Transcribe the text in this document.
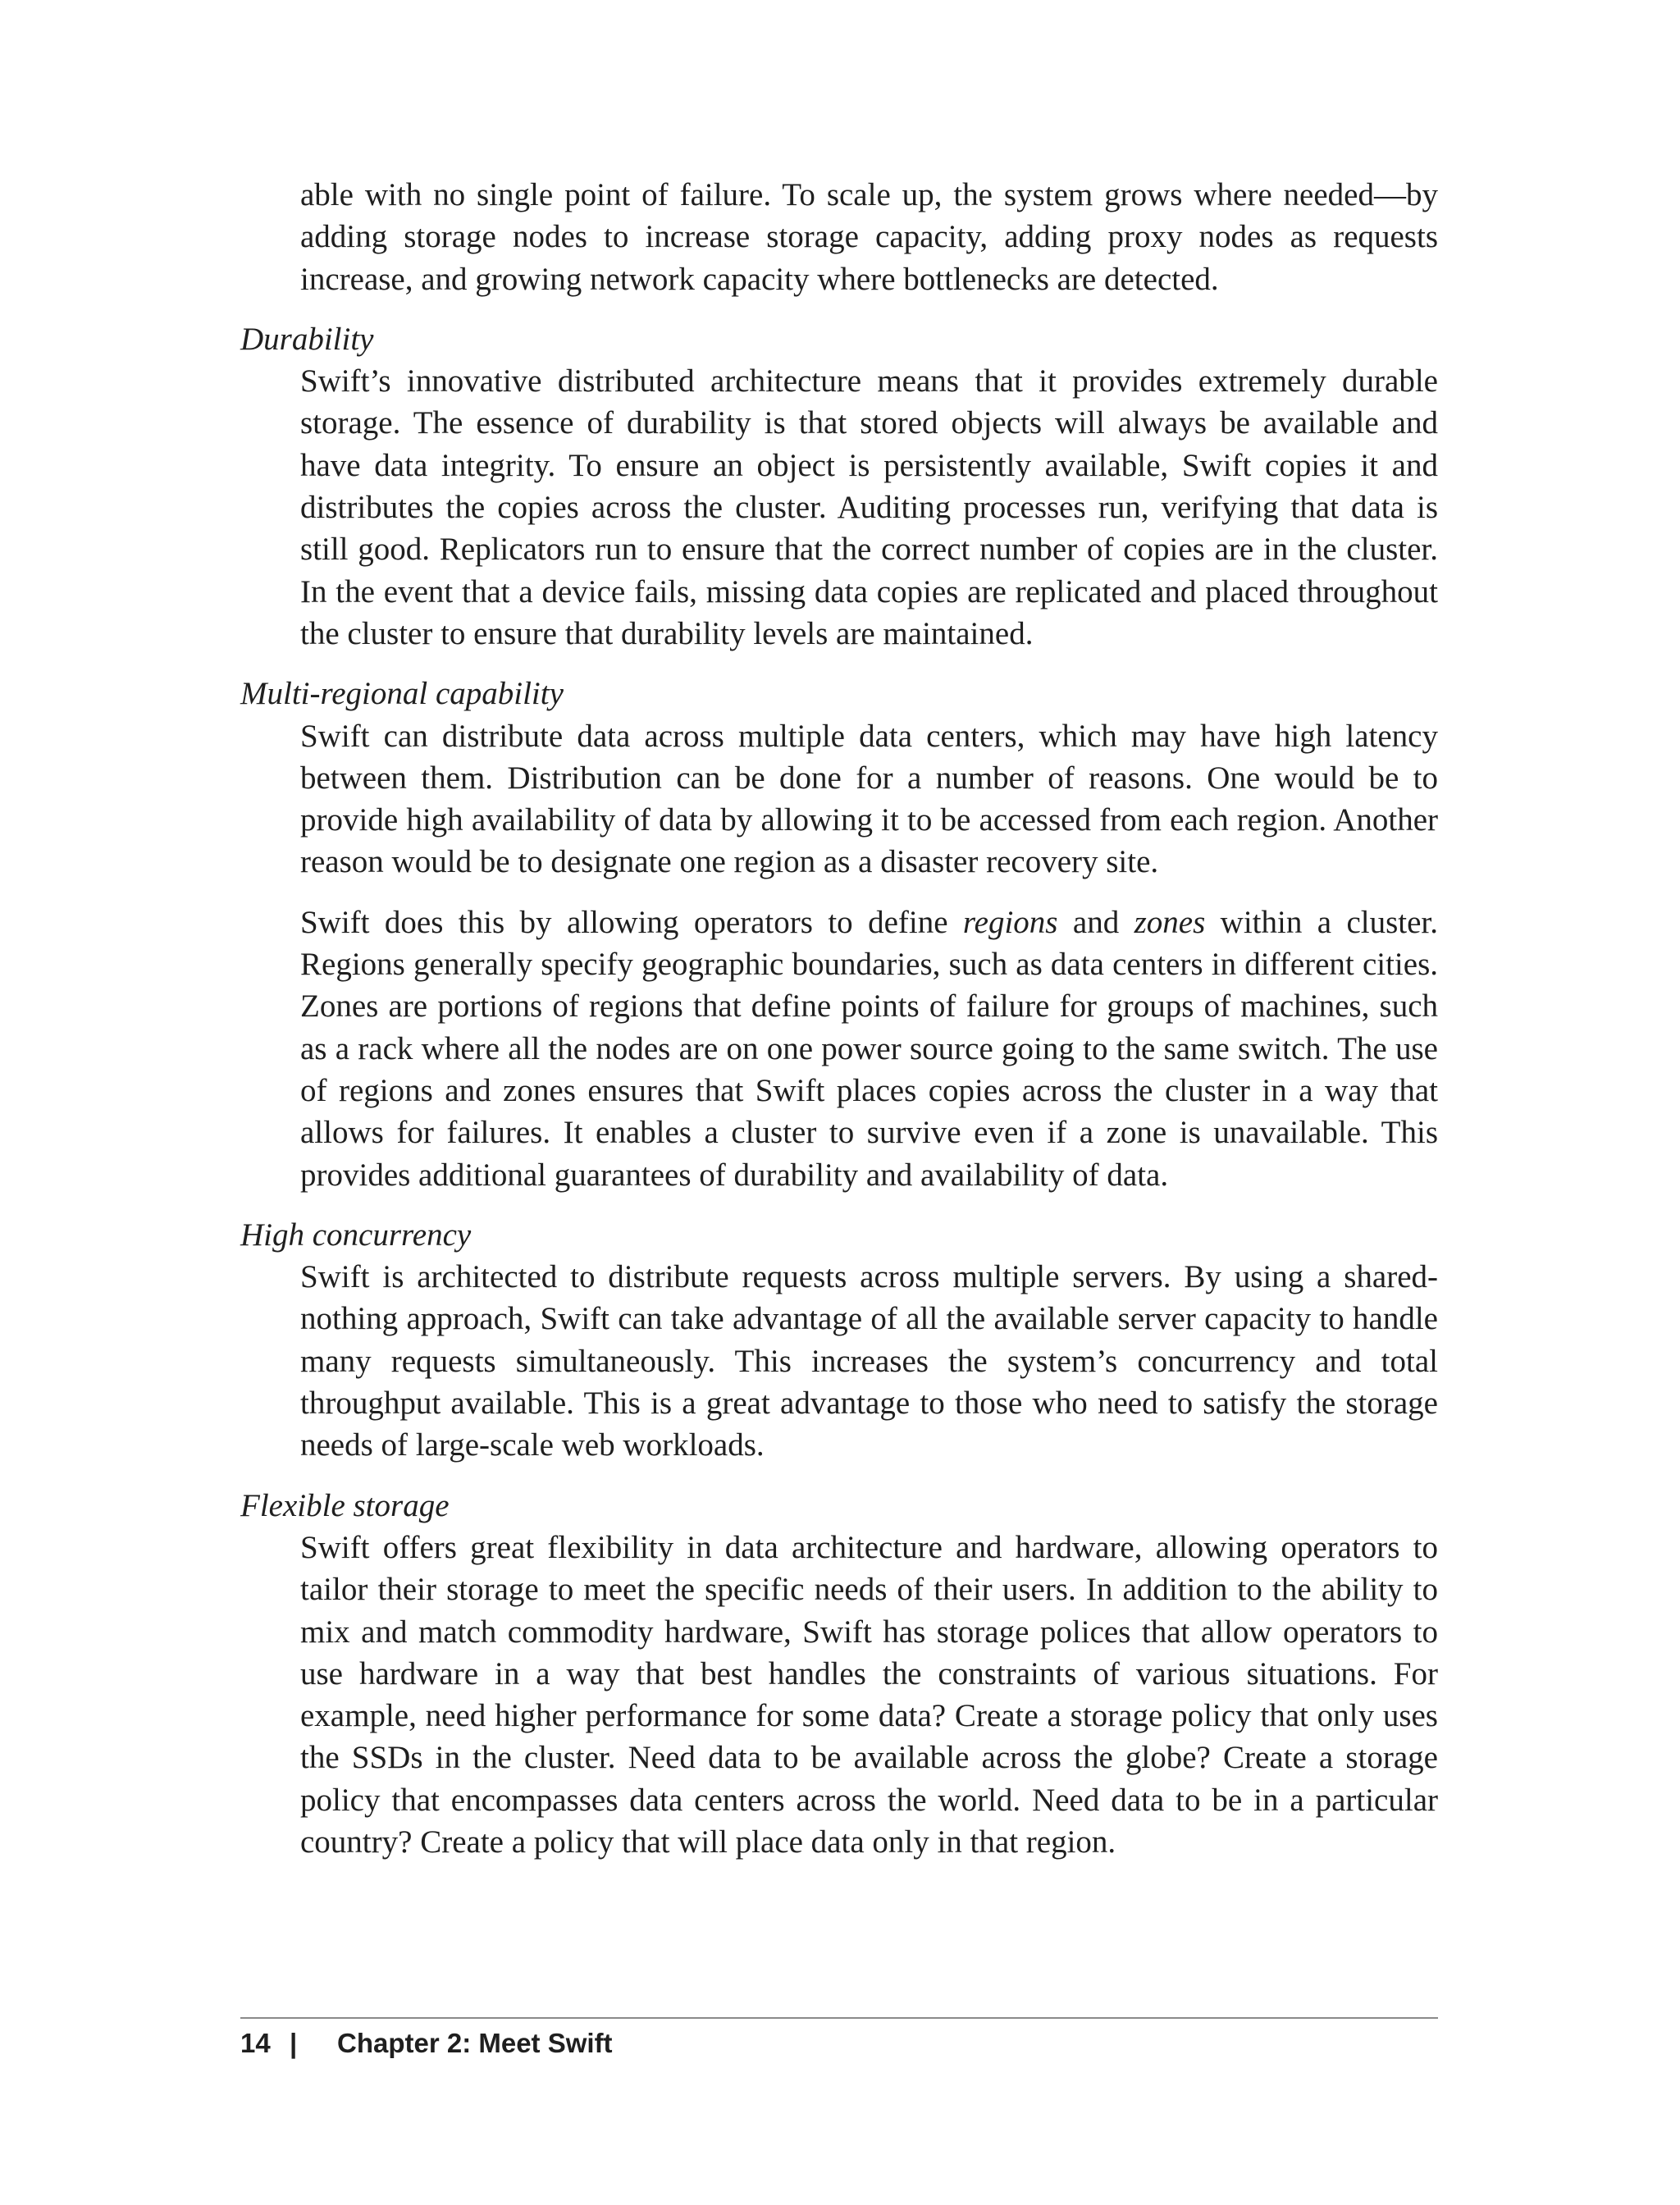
able with no single point of failure. To scale up, the system grows where needed—by adding storage nodes to increase storage capacity, adding proxy nodes as requests increase, and growing network capacity where bottlenecks are detected.

Durability

Swift’s innovative distributed architecture means that it provides extremely durable storage. The essence of durability is that stored objects will always be available and have data integrity. To ensure an object is persistently available, Swift copies it and distributes the copies across the cluster. Auditing processes run, verifying that data is still good. Replicators run to ensure that the correct number of copies are in the cluster. In the event that a device fails, missing data copies are replicated and placed throughout the cluster to ensure that durability levels are maintained.

Multi-regional capability

Swift can distribute data across multiple data centers, which may have high latency between them. Distribution can be done for a number of reasons. One would be to provide high availability of data by allowing it to be accessed from each region. Another reason would be to designate one region as a disaster recovery site.

Swift does this by allowing operators to define regions and zones within a cluster. Regions generally specify geographic boundaries, such as data centers in different cities. Zones are portions of regions that define points of failure for groups of machines, such as a rack where all the nodes are on one power source going to the same switch. The use of regions and zones ensures that Swift places copies across the cluster in a way that allows for failures. It enables a cluster to survive even if a zone is unavailable. This provides additional guarantees of durability and availability of data.

High concurrency

Swift is architected to distribute requests across multiple servers. By using a shared-nothing approach, Swift can take advantage of all the available server capacity to handle many requests simultaneously. This increases the system’s concurrency and total throughput available. This is a great advantage to those who need to satisfy the storage needs of large-scale web workloads.

Flexible storage

Swift offers great flexibility in data architecture and hardware, allowing operators to tailor their storage to meet the specific needs of their users. In addition to the ability to mix and match commodity hardware, Swift has storage polices that allow operators to use hardware in a way that best handles the constraints of various situations. For example, need higher performance for some data? Create a storage policy that only uses the SSDs in the cluster. Need data to be available across the globe? Create a storage policy that encompasses data centers across the world. Need data to be in a particular country? Create a policy that will place data only in that region.

14 |	Chapter 2: Meet Swift
